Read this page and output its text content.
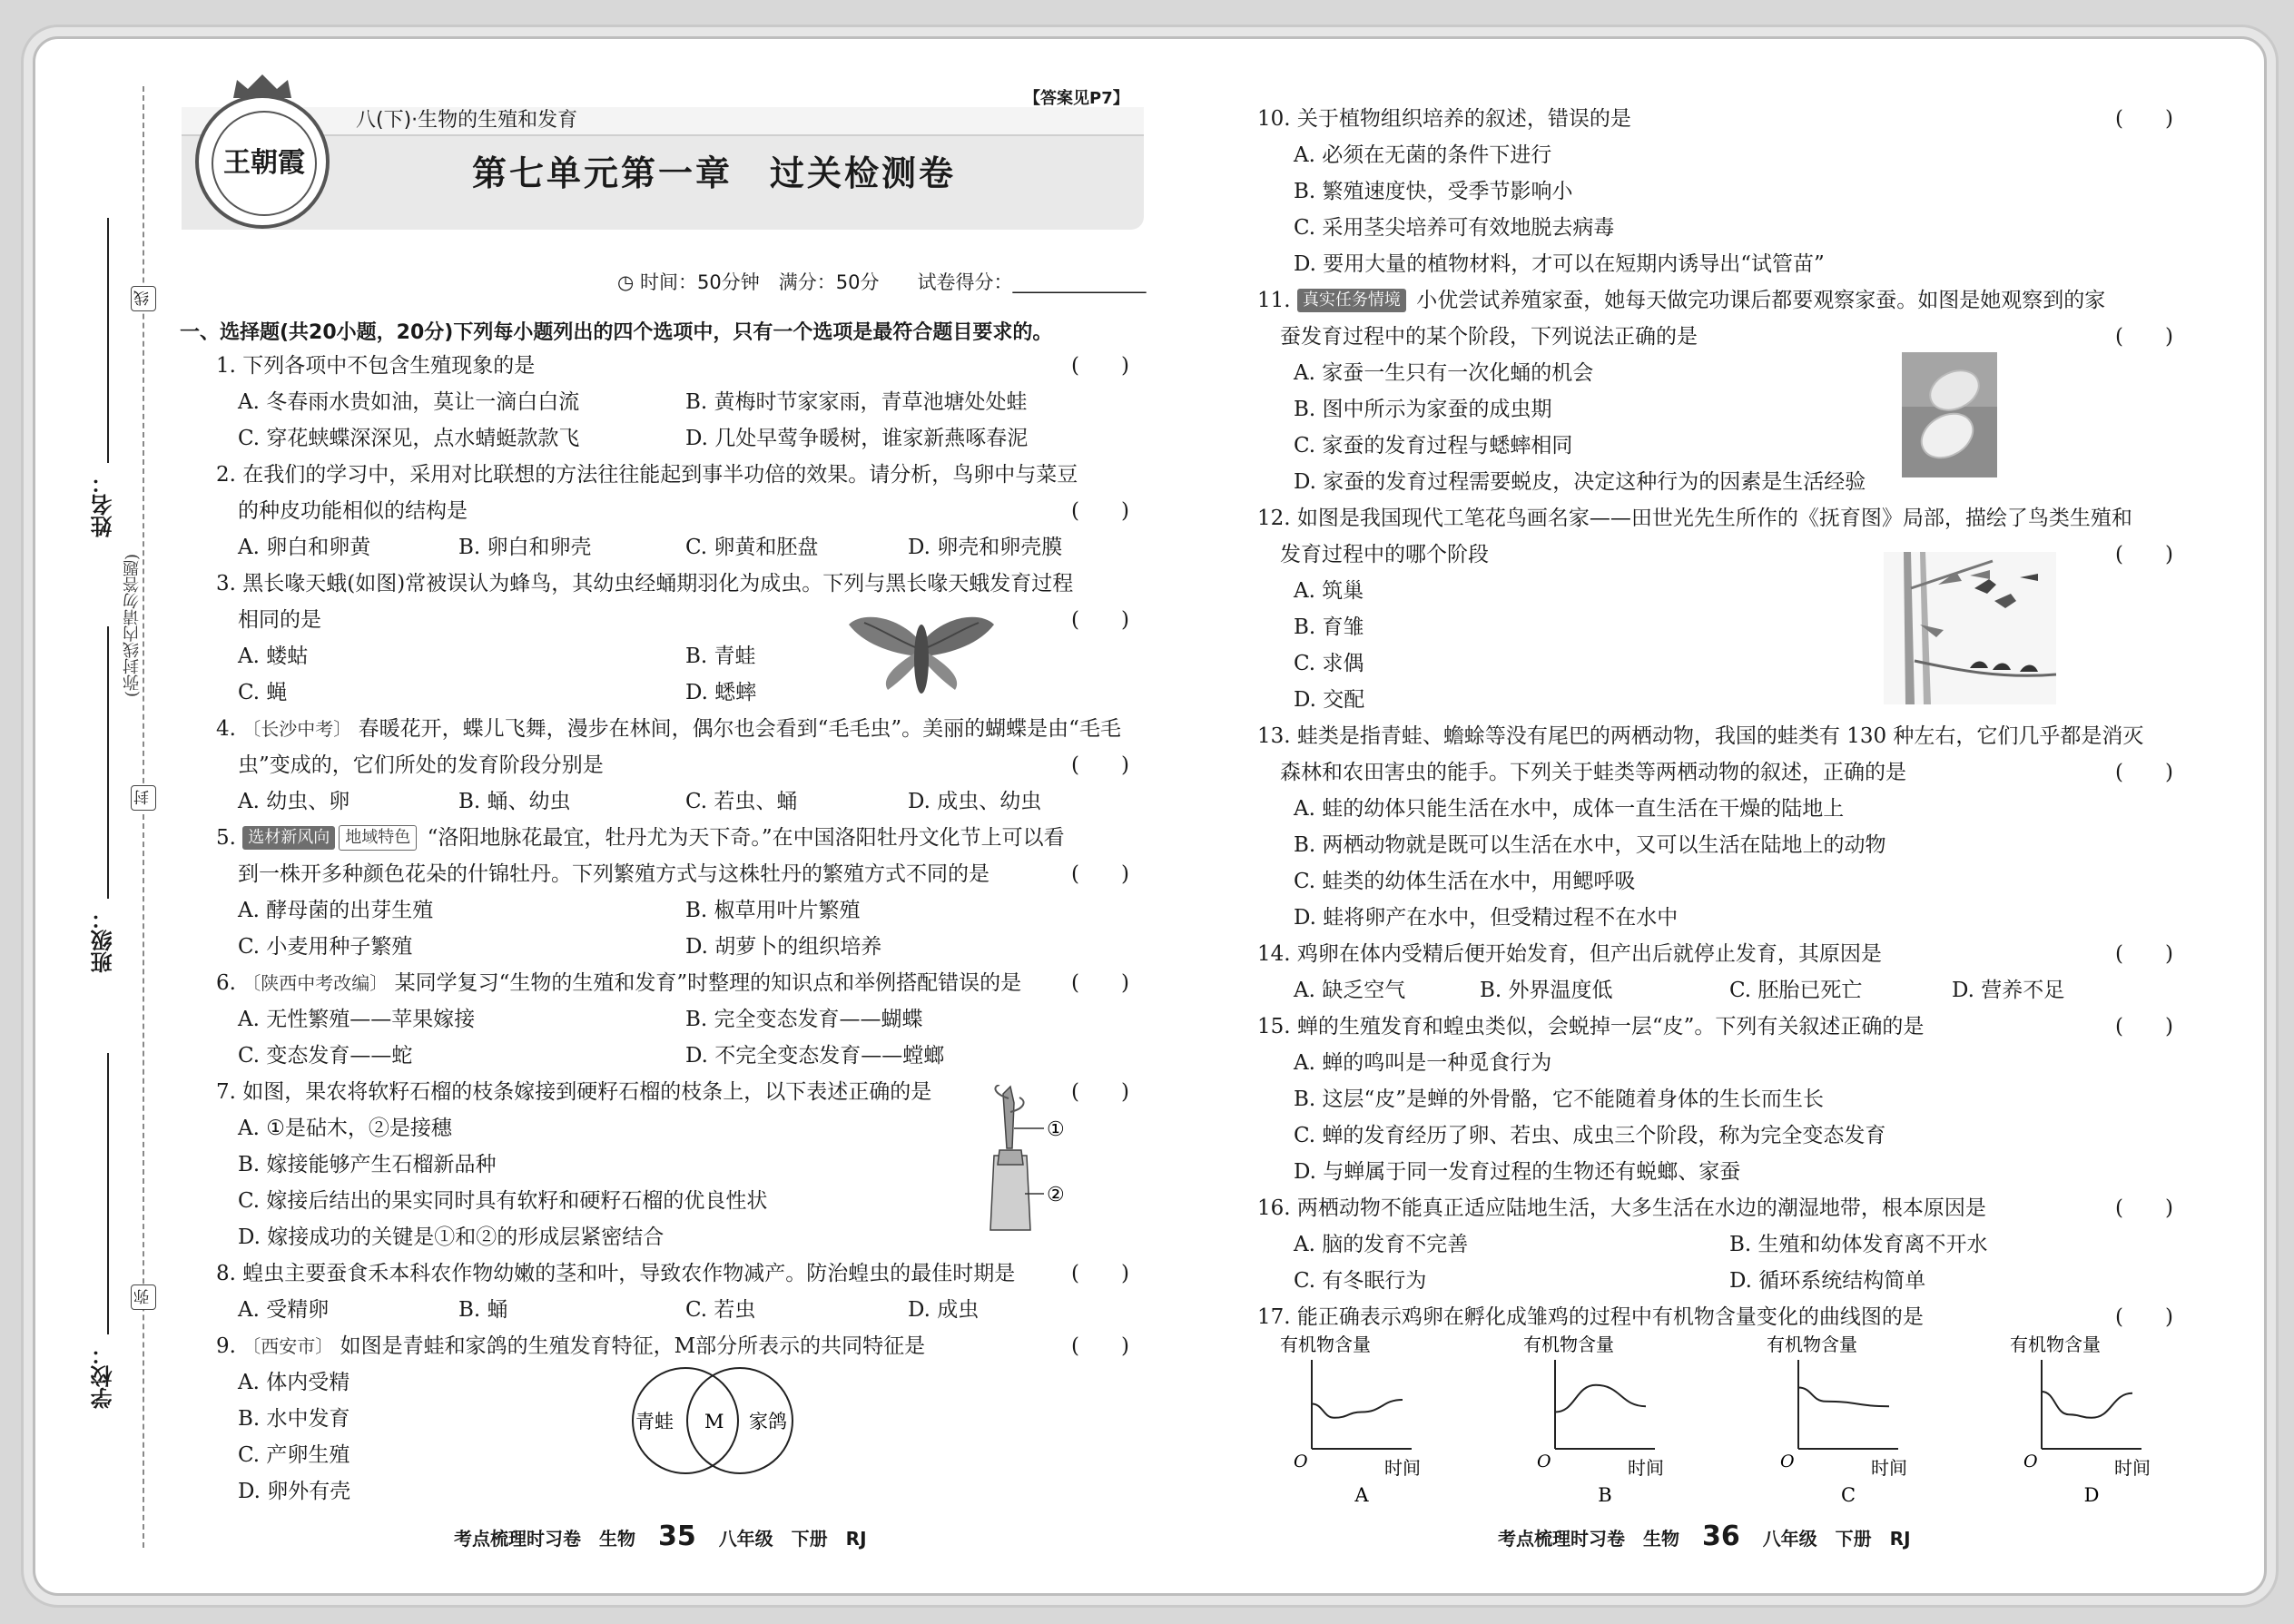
线
封
弥
(弥封线内请勿答题)
姓名：
班级：
学校：
王朝霞
八(下)·生物的生殖和发育
【答案见P7】
第七单元第一章　过关检测卷
◷ 时间：50分钟　满分：50分　　试卷得分：______________
一、选择题(共20小题，20分)下列每小题列出的四个选项中，只有一个选项是最符合题目要求的。
1. 下列各项中不包含生殖现象的是	(　　)
A. 冬春雨水贵如油，莫让一滴白白流	B. 黄梅时节家家雨，青草池塘处处蛙
C. 穿花蛱蝶深深见，点水蜻蜓款款飞	D. 几处早莺争暖树，谁家新燕啄春泥
2. 在我们的学习中，采用对比联想的方法往往能起到事半功倍的效果。请分析，鸟卵中与菜豆
的种皮功能相似的结构是	(　　)
A. 卵白和卵黄	B. 卵白和卵壳	C. 卵黄和胚盘	D. 卵壳和卵壳膜
3. 黑长喙天蛾(如图)常被误认为蜂鸟，其幼虫经蛹期羽化为成虫。下列与黑长喙天蛾发育过程
相同的是	(　　)
A. 蝼蛄	B. 青蛙
C. 蝇	D. 蟋蟀
4. 〔长沙中考〕 春暖花开，蝶儿飞舞，漫步在林间，偶尔也会看到“毛毛虫”。美丽的蝴蝶是由“毛毛
虫”变成的，它们所处的发育阶段分别是	(　　)
A. 幼虫、卵	B. 蛹、幼虫	C. 若虫、蛹	D. 成虫、幼虫
5. 选材新风向 地域特色 “洛阳地脉花最宜，牡丹尤为天下奇。”在中国洛阳牡丹文化节上可以看
到一株开多种颜色花朵的什锦牡丹。下列繁殖方式与这株牡丹的繁殖方式不同的是	(　　)
A. 酵母菌的出芽生殖	B. 椒草用叶片繁殖
C. 小麦用种子繁殖	D. 胡萝卜的组织培养
6. 〔陕西中考改编〕 某同学复习“生物的生殖和发育”时整理的知识点和举例搭配错误的是 (　　)
A. 无性繁殖——苹果嫁接	B. 完全变态发育——蝴蝶
C. 变态发育——蛇	D. 不完全变态发育——螳螂
7. 如图，果农将软籽石榴的枝条嫁接到硬籽石榴的枝条上，以下表述正确的是	(　　)
A. ①是砧木，②是接穗
B. 嫁接能够产生石榴新品种
C. 嫁接后结出的果实同时具有软籽和硬籽石榴的优良性状
D. 嫁接成功的关键是①和②的形成层紧密结合
①
②
8. 蝗虫主要蚕食禾本科农作物幼嫩的茎和叶，导致农作物减产。防治蝗虫的最佳时期是	(　　)
A. 受精卵	B. 蛹	C. 若虫	D. 成虫
9. 〔西安市〕 如图是青蛙和家鸽的生殖发育特征，M部分所表示的共同特征是	(　　)
A. 体内受精
B. 水中发育
C. 产卵生殖
D. 卵外有壳
青蛙 M 家鸽
考点梳理时习卷　生物 35 八年级　下册　RJ
10. 关于植物组织培养的叙述，错误的是	(　　)
A. 必须在无菌的条件下进行
B. 繁殖速度快，受季节影响小
C. 采用茎尖培养可有效地脱去病毒
D. 要用大量的植物材料，才可以在短期内诱导出“试管苗”
11. 真实任务情境 小优尝试养殖家蚕，她每天做完功课后都要观察家蚕。如图是她观察到的家
蚕发育过程中的某个阶段，下列说法正确的是	(　　)
A. 家蚕一生只有一次化蛹的机会
B. 图中所示为家蚕的成虫期
C. 家蚕的发育过程与蟋蟀相同
D. 家蚕的发育过程需要蜕皮，决定这种行为的因素是生活经验
12. 如图是我国现代工笔花鸟画名家——田世光先生所作的《抚育图》局部，描绘了鸟类生殖和
发育过程中的哪个阶段	(　　)
A. 筑巢
B. 育雏
C. 求偶
D. 交配
13. 蛙类是指青蛙、蟾蜍等没有尾巴的两栖动物，我国的蛙类有 130 种左右，它们几乎都是消灭
森林和农田害虫的能手。下列关于蛙类等两栖动物的叙述，正确的是	(　　)
A. 蛙的幼体只能生活在水中，成体一直生活在干燥的陆地上
B. 两栖动物就是既可以生活在水中，又可以生活在陆地上的动物
C. 蛙类的幼体生活在水中，用鳃呼吸
D. 蛙将卵产在水中，但受精过程不在水中
14. 鸡卵在体内受精后便开始发育，但产出后就停止发育，其原因是	(　　)
A. 缺乏空气	B. 外界温度低	C. 胚胎已死亡	D. 营养不足
15. 蝉的生殖发育和蝗虫类似，会蜕掉一层“皮”。下列有关叙述正确的是	(　　)
A. 蝉的鸣叫是一种觅食行为
B. 这层“皮”是蝉的外骨骼，它不能随着身体的生长而生长
C. 蝉的发育经历了卵、若虫、成虫三个阶段，称为完全变态发育
D. 与蝉属于同一发育过程的生物还有蜕螂、家蚕
16. 两栖动物不能真正适应陆地生活，大多生活在水边的潮湿地带，根本原因是	(　　)
A. 脑的发育不完善	B. 生殖和幼体发育离不开水
C. 有冬眠行为	D. 循环系统结构简单
17. 能正确表示鸡卵在孵化成雏鸡的过程中有机物含量变化的曲线图的是	(　　)
有机物含量
O	时间
A
有机物含量
O	时间
B
有机物含量
O	时间
C
有机物含量
O	时间
D
考点梳理时习卷　生物 36 八年级　下册　RJ
